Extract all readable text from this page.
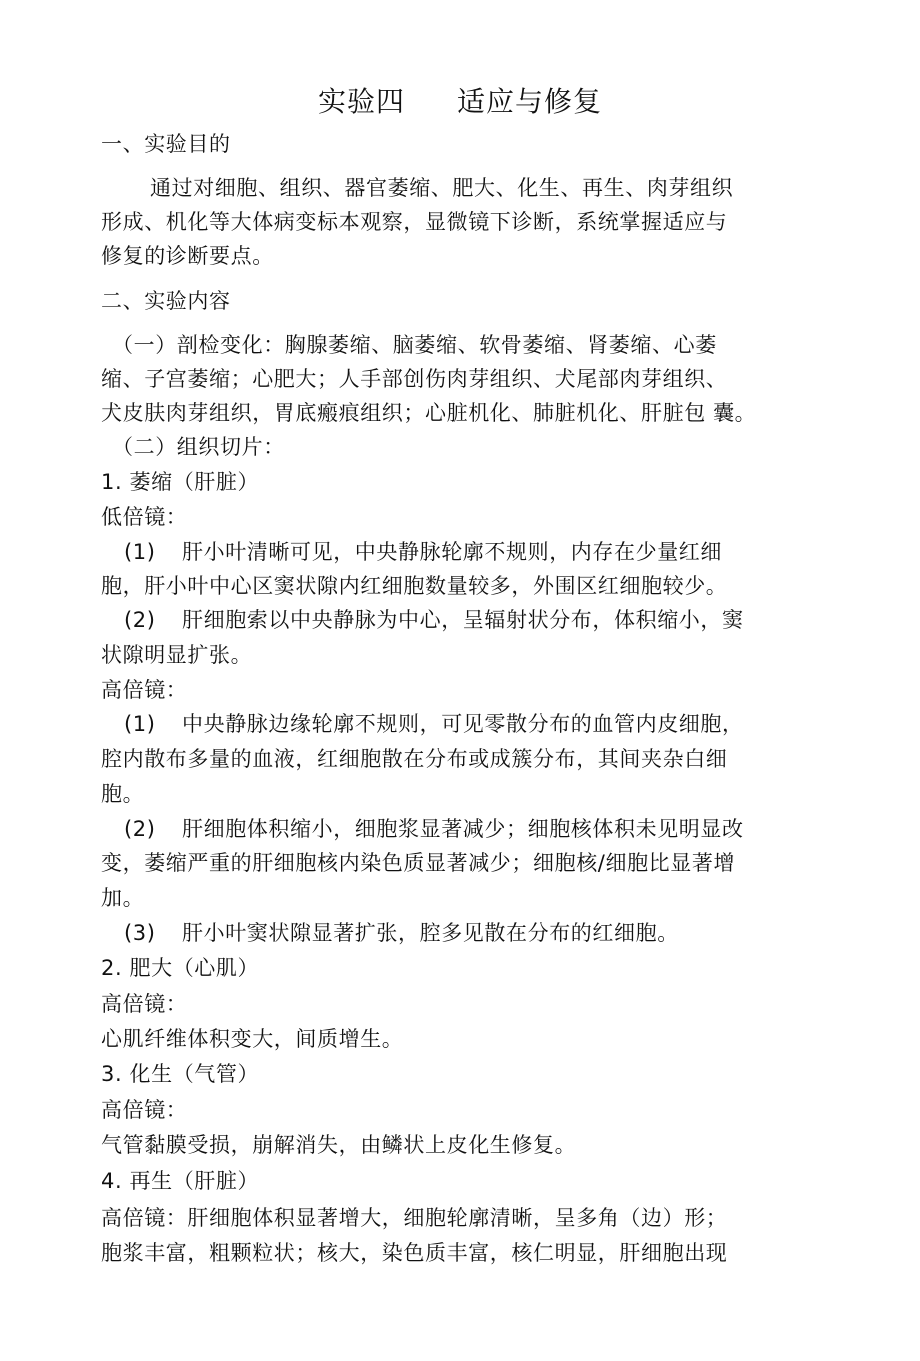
实验四 适应与修复
一、实验目的
通过对细胞、组织、器官萎缩、肥大、化生、再生、肉芽组织
形成、机化等大体病变标本观察，显微镜下诊断，系统掌握适应与
修复的诊断要点。
二、实验内容
（一）剖检变化：胸腺萎缩、脑萎缩、软骨萎缩、肾萎缩、心萎
缩、子宫萎缩；心肥大；人手部创伤肉芽组织、犬尾部肉芽组织、
犬皮肤肉芽组织，胃底瘢痕组织；心脏机化、肺脏机化、肝脏包 囊。
（二）组织切片：
1. 萎缩（肝脏）
低倍镜：
(1) 肝小叶清晰可见，中央静脉轮廓不规则，内存在少量红细
胞，肝小叶中心区窦状隙内红细胞数量较多，外围区红细胞较少。
(2) 肝细胞索以中央静脉为中心，呈辐射状分布，体积缩小，窦
状隙明显扩张。
高倍镜：
(1) 中央静脉边缘轮廓不规则，可见零散分布的血管内皮细胞，
腔内散布多量的血液，红细胞散在分布或成簇分布，其间夹杂白细
胞。
(2) 肝细胞体积缩小，细胞浆显著减少；细胞核体积未见明显改
变，萎缩严重的肝细胞核内染色质显著减少；细胞核/细胞比显著增
加。
(3) 肝小叶窦状隙显著扩张，腔多见散在分布的红细胞。
2. 肥大（心肌）
高倍镜：
心肌纤维体积变大，间质增生。
3. 化生（气管）
高倍镜：
气管黏膜受损，崩解消失，由鳞状上皮化生修复。
4. 再生（肝脏）
高倍镜：肝细胞体积显著增大，细胞轮廓清晰，呈多角（边）形；
胞浆丰富，粗颗粒状；核大，染色质丰富，核仁明显，肝细胞出现
